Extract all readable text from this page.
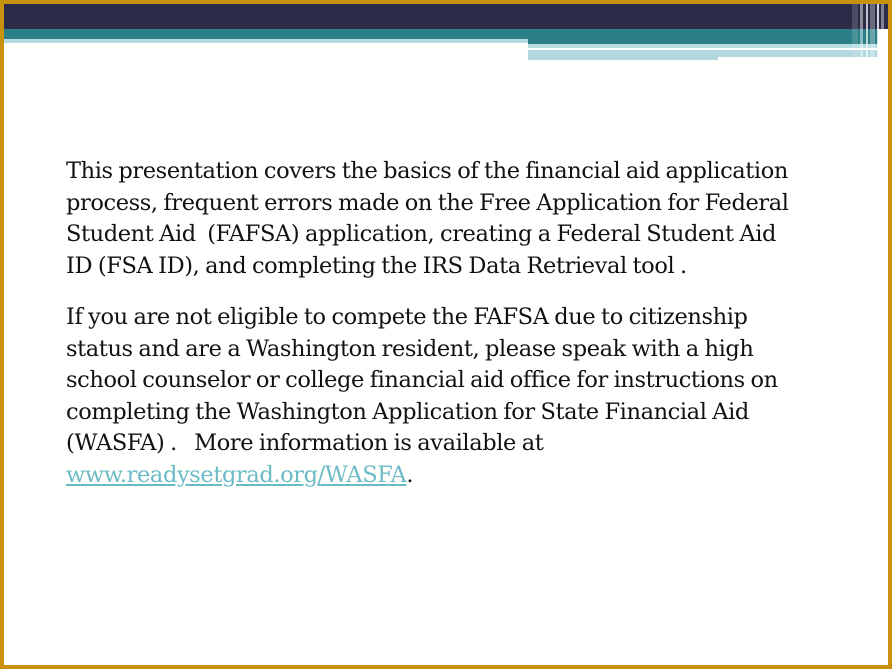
This presentation covers the basics of the financial aid application
process, frequent errors made on the Free Application for Federal
Student Aid  (FAFSA) application, creating a Federal Student Aid
ID (FSA ID), and completing the IRS Data Retrieval tool .

If you are not eligible to compete the FAFSA due to citizenship
status and are a Washington resident, please speak with a high
school counselor or college financial aid office for instructions on
completing the Washington Application for State Financial Aid
(WASFA) .   More information is available at
www.readysetgrad.org/WASFA.
